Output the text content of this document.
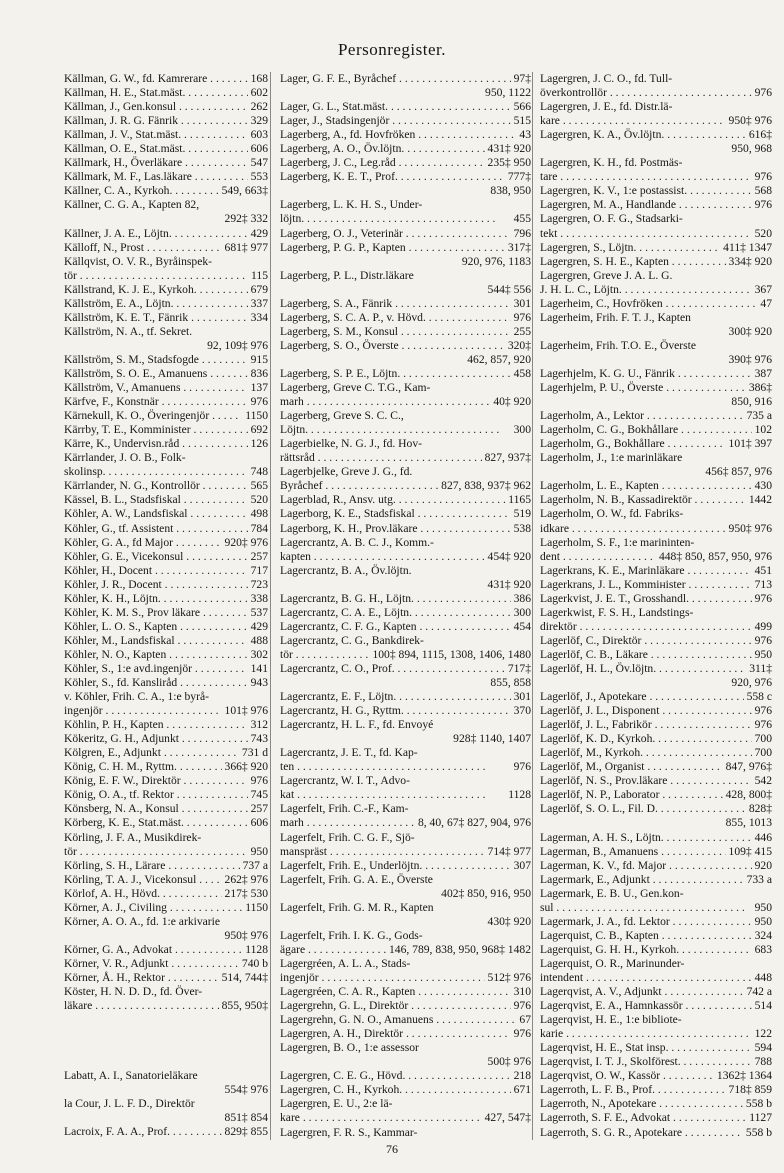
Personregister.
Källman, G. W., fd. Kamrerare . . .	168
Källman, H. E., Stat.mäst. . . .	602
Källman, J., Gen.konsul . . .	262
Källman, J. R. G. Fänrik . . .	329
Källman, J. V., Stat.mäst. . . .	603
Källman, O. E., Stat.mäst. . . .	606
Källmark, H., Överläkare . . .	547
Källmark, M. F., Las.läkare . . .	553
Källner, C. A., Kyrkoh. . . .	549, 663‡
Källner, C. G. A., Kapten 82,
292‡ 332
Källner, J. A. E., Löjtn. . . .	429
Källoff, N., Prost . . .	681‡ 977
Källqvist, O. V. R., Byråinspek-
tör . . .	115
Källstrand, K. J. E., Kyrkoh. . . .	679
Källström, E. A., Löjtn. . . .	337
Källström, K. E. T., Fänrik . . .	334
Källström, N. A., tf. Sekret.
92, 109‡ 976
Källström, S. M., Stadsfogde . . .	915
Källström, S. O. E., Amanuens . . .	836
Källström, V., Amanuens . . .	137
Kärfve, F., Konstnär . . .	976
Kärnekull, K. O., Överingenjör . . .	1150
Kärrby, T. E., Komminister . . .	692
Kärre, K., Undervisn.råd . . .	126
Kärrlander, J. O. B., Folk-
skolinsp. . . .	748
Kärrlander, N. G., Kontrollör . . .	565
Kässel, B. L., Stadsfiskal . . .	520
Köhler, A. W., Landsfiskal . . .	498
Köhler, G., tf. Assistent . . .	784
Köhler, G. A., fd Major . . .	920‡ 976
Köhler, G. E., Vicekonsul . . .	257
Köhler, H., Docent . . .	717
Köhler, J. R., Docent . . .	723
Köhler, K. H., Löjtn. . . .	338
Köhler, K. M. S., Prov läkare . . .	537
Köhler, L. O. S., Kapten . . .	429
Köhler, M., Landsfiskal . . .	488
Köhler, N. O., Kapten . . .	302
Köhler, S., 1:e avd.ingenjör . . .	141
Köhler, S., fd. Kansliråd . . .	943
v. Köhler, Frih. C. A., 1:e byrå-
ingenjör . . .	101‡ 976
Köhlin, P. H., Kapten . . .	312
Kökeritz, G. H., Adjunkt . . .	743
Kölgren, E., Adjunkt . . .	731 d
König, C. H. M., Ryttm. . . .	366‡ 920
König, E. F. W., Direktör . . .	976
König, O. A., tf. Rektor . . .	745
Könsberg, N. A., Konsul . . .	257
Körberg, K. E., Stat.mäst. . . .	606
Körling, J. F. A., Musikdirek-
tör . . .	950
Körling, S. H., Lärare . . .	737 a
Körling, T. A. J., Vicekonsul . . .	262‡ 976
Körlof, A. H., Hövd. . . .	217‡ 530
Körner, A. J., Civiling . . .	1150
Körner, A. O. A., fd. 1:e arkivarie
950‡ 976
Körner, G. A., Advokat . . .	1128
Körner, V. R., Adjunkt . . .	740 b
Körner, Å. H., Rektor . . .	514, 744‡
Köster, H. N. D. D., fd. Över-
läkare . . .	855, 950‡
Labatt, A. I., Sanatorieläkare
554‡ 976
la Cour, J. L. F. D., Direktör
851‡ 854
Lacroix, F. A. A., Prof. . . .	829‡ 855
. . .
Lager, G. F. E., Byråchef . . .	97‡
950, 1122
Lager, G. L., Stat.mäst. . . .	566
Lager, J., Stadsingenjör . . .	515
Lagerberg, A., fd. Hovfröken . . .	43
Lagerberg, A. O., Öv.löjtn. . . .	431‡ 920
Lagerberg, J. C., Leg.råd . . .	235‡ 950
Lagerberg, K. E. T., Prof. . . .	777‡
838, 950
Lagerberg, L. K. H. S., Under-
löjtn. . . .	455
Lagerberg, O. J., Veterinär . . .	796
Lagerberg, P. G. P., Kapten . . .	317‡
920, 976, 1183
Lagerberg, P. L., Distr.läkare
544‡ 556
Lagerberg, S. A., Fänrik . . .	301
Lagerberg, S. C. A. P., v. Hövd. . . .	976
Lagerberg, S. M., Konsul . . .	255
Lagerberg, S. O., Överste . . .	320‡
462, 857, 920
Lagerberg, S. P. E., Löjtn. . . .	458
Lagerberg, Greve C. T.G., Kam-
marh . . .	40‡ 920
Lagerberg, Greve S. C. C.,
Löjtn. . . .	300
Lagerbielke, N. G. J., fd. Hov-
rättsråd . . .	827, 937‡
Lagerbjelke, Greve J. G., fd.
Byråchef . . .	827, 838, 937‡ 962
Lagerblad, R., Ansv. utg. . . .	1165
Lagerborg, K. E., Stadsfiskal . . .	519
Lagerborg, K. H., Prov.läkare . . .	538
Lagercrantz, A. B. C. J., Komm.-
kapten . . .	454‡ 920
Lagercrantz, B. A., Öv.löjtn.
431‡ 920
Lagercrantz, B. G. H., Löjtn. . . .	386
Lagercrantz, C. A. E., Löjtn. . . .	300
Lagercrantz, C. F. G., Kapten . . .	454
Lagercrantz, C. G., Bankdirek-
tör . . .	100‡ 894, 1115, 1308, 1406, 1480
Lagercrantz, C. O., Prof. . . .	717‡
855, 858
Lagercrantz, E. F., Löjtn. . . .	301
Lagercrantz, H. G., Ryttm. . . .	370
Lagercrantz, H. L. F., fd. Envoyé
928‡ 1140, 1407
Lagercrantz, J. E. T., fd. Kap-
ten . . .	976
Lagercrantz, W. I. T., Advo-
kat . . .	1128
Lagerfelt, Frih. C.-F., Kam-
marh . . .	8, 40, 67‡ 827, 904, 976
Lagerfelt, Frih. C. G. F., Sjö-
manspräst . . .	714‡ 977
Lagerfelt, Frih. E., Underlöjtn. . . .	307
Lagerfelt, Frih. G. A. E., Överste
402‡ 850, 916, 950
Lagerfelt, Frih. G. M. R., Kapten
430‡ 920
Lagerfelt, Frih. I. K. G., Gods-
ägare . . .	146, 789, 838, 950, 968‡ 1482
Lagergréen, A. L. A., Stads-
ingenjör . . .	512‡ 976
Lagergréen, C. A. R., Kapten . . .	310
Lagergrehn, G. L., Direktör . . .	976
Lagergrehn, G. N. O., Amanuens . . .	67
Lagergren, A. H., Direktör . . .	976
Lagergren, B. O., 1:e assessor
500‡ 976
Lagergren, C. E. G., Hövd. . . .	218
Lagergren, C. H., Kyrkoh. . . .	671
Lagergren, E. U., 2:e lä-
kare . . .	427, 547‡
Lagergren, F. R. S., Kammar-
. . .
Lagergren, J. C. O., fd. Tull-
överkontrollör . . .	976
Lagergren, J. E., fd. Distr.lä-
kare . . .	950‡ 976
Lagergren, K. A., Öv.löjtn. . . .	616‡
950, 968
Lagergren, K. H., fd. Postmäs-
tare . . .	976
Lagergren, K. V., 1:e postassist. . . .	568
Lagergren, M. A., Handlande . . .	976
Lagergren, O. F. G., Stadsarki-
tekt . . .	520
Lagergren, S., Löjtn. . . .	411‡ 1347
Lagergren, S. H. E., Kapten . . .	334‡ 920
Lagergren, Greve J. A. L. G.
J. H. L. C., Löjtn. . . .	367
Lagerheim, C., Hovfröken . . .	47
Lagerheim, Frih. F. T. J., Kapten
300‡ 920
Lagerheim, Frih. T.O. E., Överste
390‡ 976
Lagerhjelm, K. G. U., Fänrik . . .	387
Lagerhjelm, P. U., Överste . . .	386‡
850, 916
Lagerholm, A., Lektor . . .	735 a
Lagerholm, C. G., Bokhållare . . .	102
Lagerholm, G., Bokhållare . . .	101‡ 397
Lagerholm, J., 1:e marinläkare
456‡ 857, 976
Lagerholm, L. E., Kapten . . .	430
Lagerholm, N. B., Kassadirektör . . .	1442
Lagerholm, O. W., fd. Fabriks-
idkare . . .	950‡ 976
Lagerholm, S. F., 1:e marininten-
dent . . .	448‡ 850, 857, 950, 976
Lagerkrans, K. E., Marinläkare . . .	451
Lagerkrans, J. L., Kommінister . . .	713
Lagerkvist, J. E. T., Grosshandl. . . .	976
Lagerkwist, F. S. H., Landstings-
direktör . . .	499
Lagerlöf, C., Direktör . . .	976
Lagerlöf, C. B., Läkare . . .	950
Lagerlöf, H. L., Öv.löjtn. . . .	311‡
920, 976
Lagerlöf, J., Apotekare . . .	558 c
Lagerlöf, J. L., Disponent . . .	976
Lagerlöf, J. L., Fabrikör . . .	976
Lagerlöf, K. D., Kyrkoh. . . .	700
Lagerlöf, M., Kyrkoh. . . .	700
Lagerlöf, M., Organist . . .	847, 976‡
Lagerlöf, N. S., Prov.läkare . . .	542
Lagerlöf, N. P., Laborator . . .	428, 800‡
Lagerlöf, S. O. L., Fil. D. . . .	828‡
855, 1013
Lagerman, A. H. S., Löjtn. . . .	446
Lagerman, B., Amanuens . . .	109‡ 415
Lagerman, K. V., fd. Major . . .	920
Lagermark, E., Adjunkt . . .	733 a
Lagermark, E. B. U., Gen.kon-
sul . . .	950
Lagermark, J. A., fd. Lektor . . .	950
Lagerquist, C. B., Kapten . . .	324
Lagerquist, G. H. H., Kyrkoh. . . .	683
Lagerquist, O. R., Marinunder-
intendent . . .	448
Lagerqvist, A. V., Adjunkt . . .	742 a
Lagerqvist, E. A., Hamnkassör . . .	514
Lagerqvist, H. E., 1:e bibliote-
karie . . .	122
Lagerqvist, H. E., Stat insp. . . .	594
Lagerqvist, I. T. J., Skolförest. . . .	788
Lagerqvist, O. W., Kassör . . .	1362‡ 1364
Lagerroth, L. F. B., Prof. . . .	718‡ 859
Lagerroth, N., Apotekare . . .	558 b
Lagerroth, S. F. E., Advokat . . .	1127
Lagerroth, S. G. R., Apotekare . . .	558 b
. . .
76
